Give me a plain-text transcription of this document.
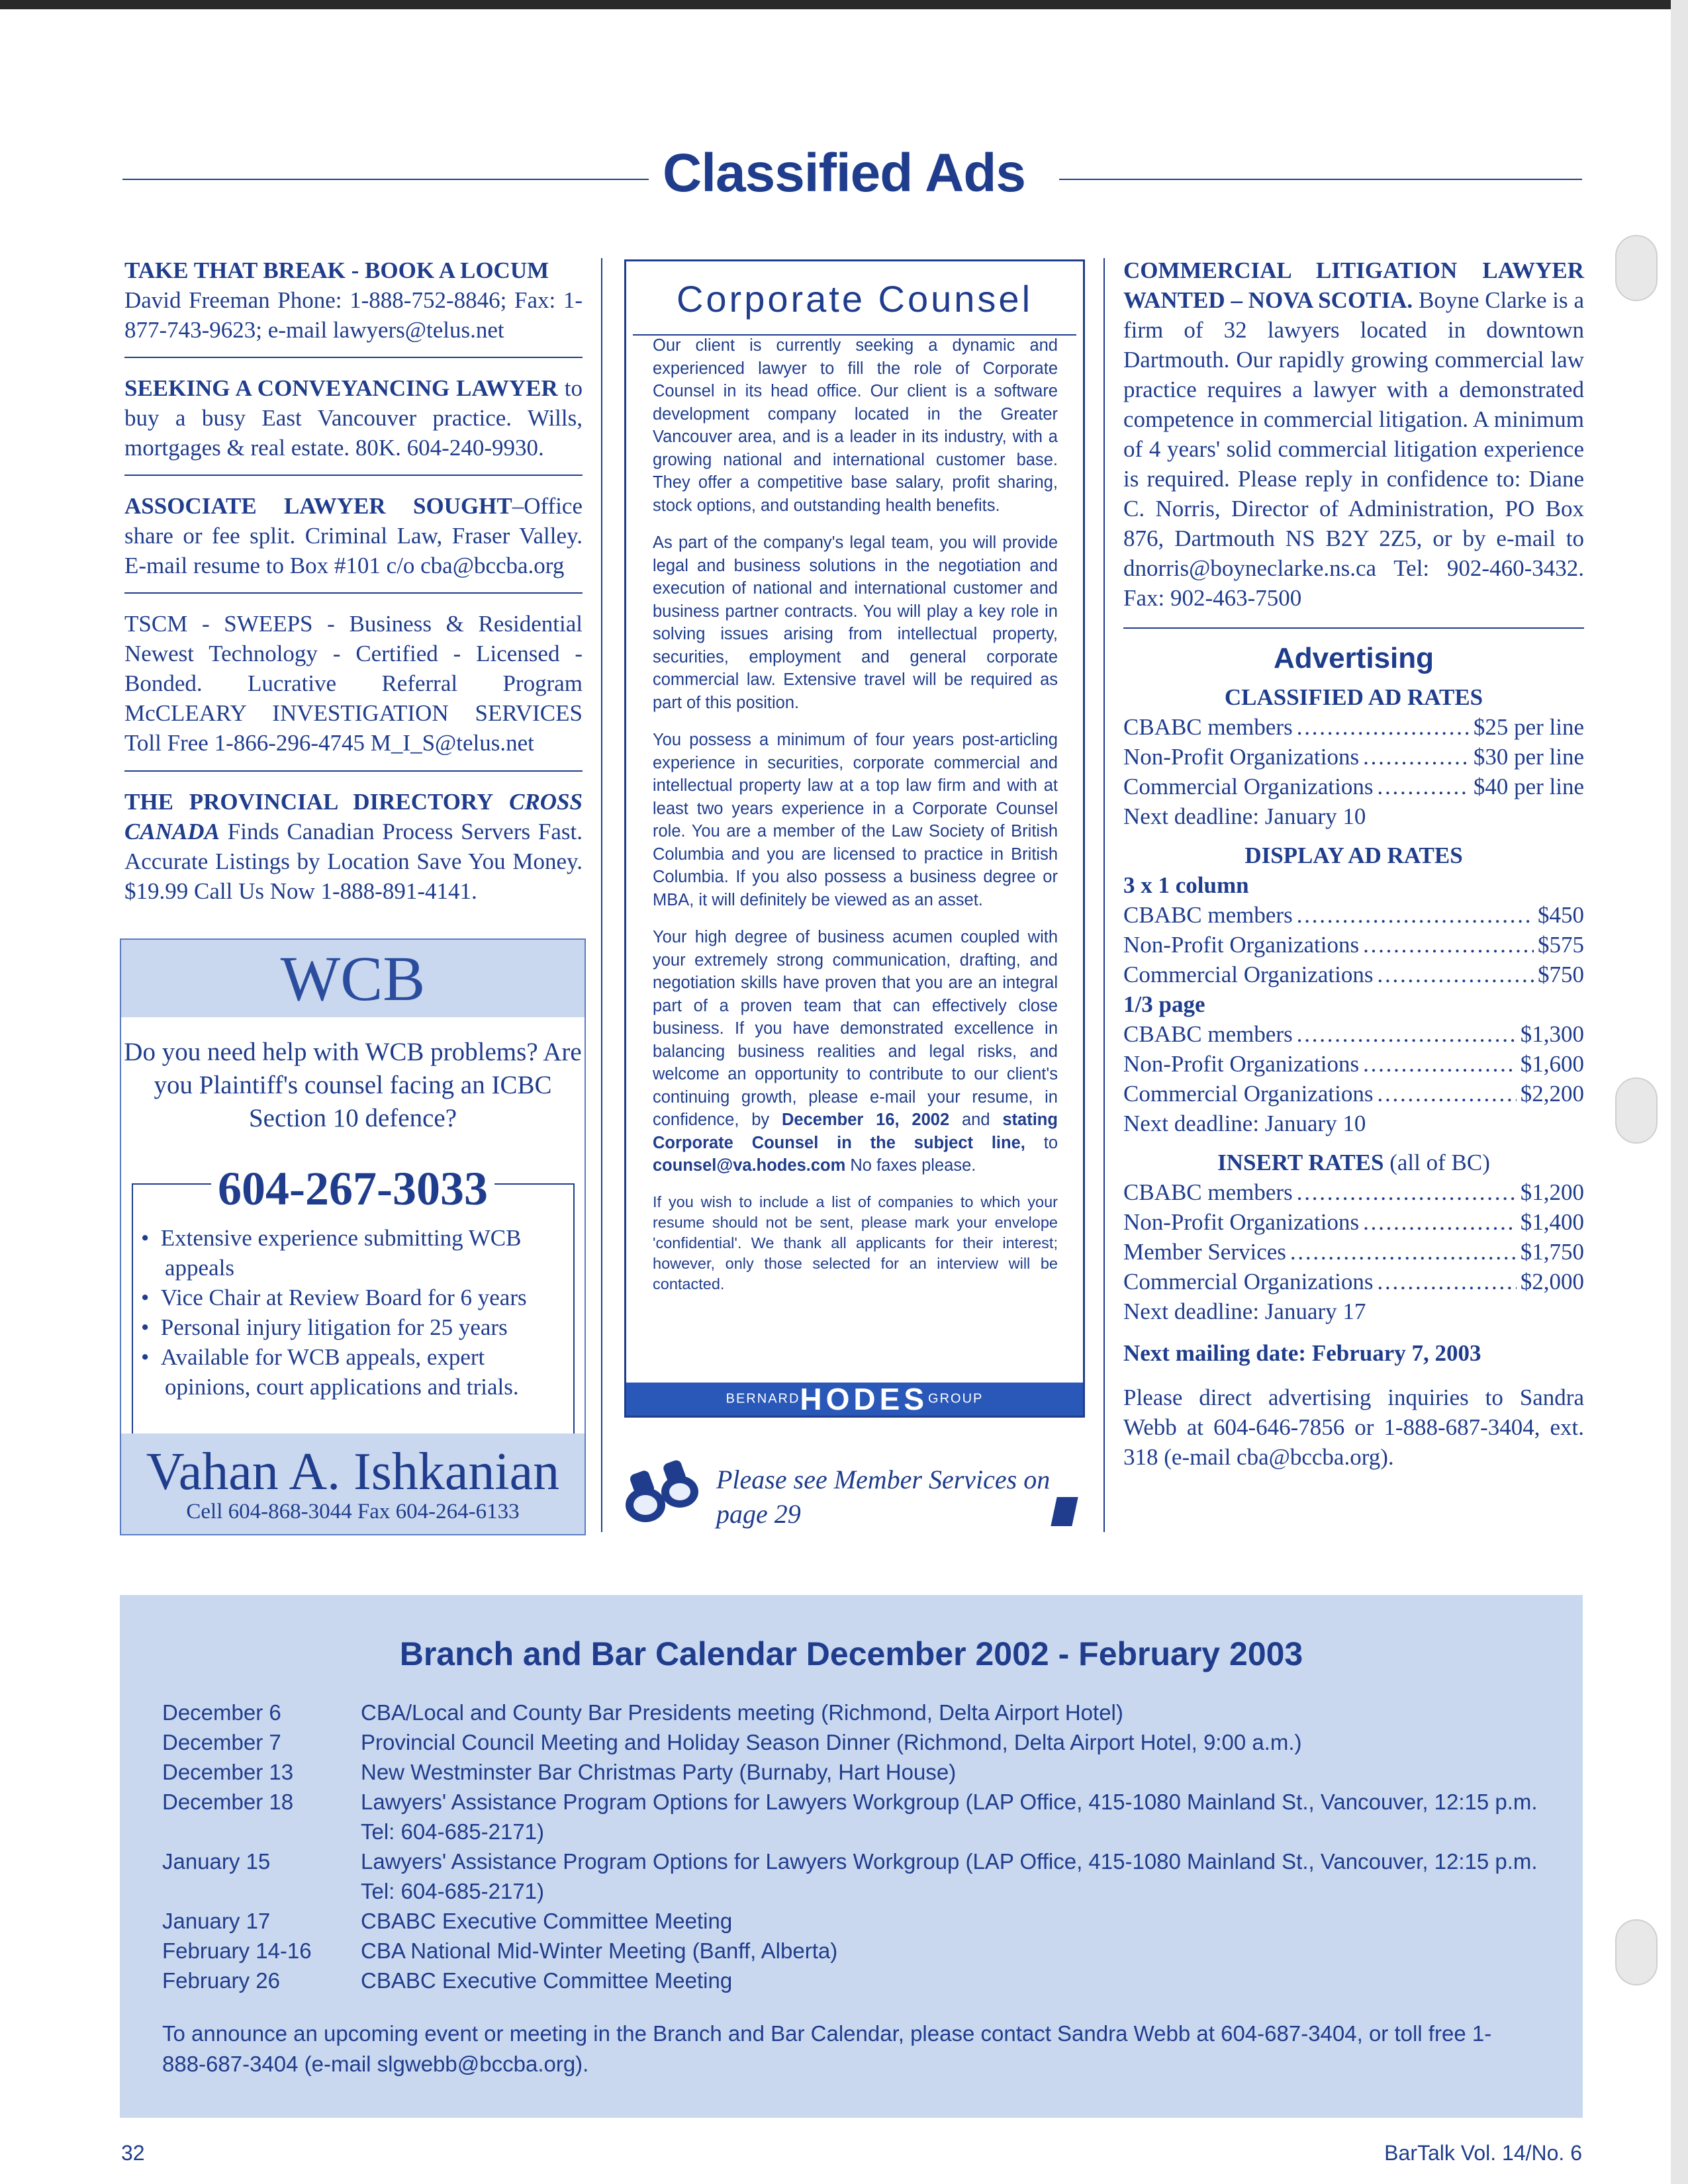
Classified Ads
TAKE THAT BREAK - BOOK A LOCUM
David Freeman Phone: 1-888-752-8846; Fax: 1-877-743-9623; e-mail lawyers@telus.net
SEEKING A CONVEYANCING LAWYER to buy a busy East Vancouver practice. Wills, mortgages & real estate. 80K. 604-240-9930.
ASSOCIATE LAWYER SOUGHT–Office share or fee split. Criminal Law, Fraser Valley. E-mail resume to Box #101 c/o cba@bccba.org
TSCM - SWEEPS - Business & Residential Newest Technology - Certified - Licensed - Bonded. Lucrative Referral Program McCLEARY INVESTIGATION SERVICES Toll Free 1-866-296-4745 M_I_S@telus.net
THE PROVINCIAL DIRECTORY CROSS CANADA Finds Canadian Process Servers Fast. Accurate Listings by Location Save You Money. $19.99 Call Us Now 1-888-891-4141.
WCB
Do you need help with WCB problems? Are you Plaintiff's counsel facing an ICBC Section 10 defence?
604-267-3033
•  Extensive experience submitting WCB appeals
•  Vice Chair at Review Board for 6 years
•  Personal injury litigation for 25 years
•  Available for WCB appeals, expert opinions, court applications and trials.
Vahan A. Ishkanian
Cell 604-868-3044 Fax 604-264-6133
Corporate Counsel

Our client is currently seeking a dynamic and experienced lawyer to fill the role of Corporate Counsel in its head office. Our client is a software development company located in the Greater Vancouver area, and is a leader in its industry, with a growing national and international customer base. They offer a competitive base salary, profit sharing, stock options, and outstanding health benefits.

As part of the company's legal team, you will provide legal and business solutions in the negotiation and execution of national and international customer and business partner contracts. You will play a key role in solving issues arising from intellectual property, securities, employment and general corporate commercial law. Extensive travel will be required as part of this position.

You possess a minimum of four years post-articling experience in securities, corporate commercial and intellectual property law at a top law firm and with at least two years experience in a Corporate Counsel role. You are a member of the Law Society of British Columbia and you are licensed to practice in British Columbia. If you also possess a business degree or MBA, it will definitely be viewed as an asset.

Your high degree of business acumen coupled with your extremely strong communication, drafting, and negotiation skills have proven that you are an integral part of a proven team that can effectively close business. If you have demonstrated excellence in balancing business realities and legal risks, and welcome an opportunity to contribute to our client's continuing growth, please e-mail your resume, in confidence, by December 16, 2002 and stating Corporate Counsel in the subject line, to counsel@va.hodes.com No faxes please.

If you wish to include a list of companies to which your resume should not be sent, please mark your envelope 'confidential'. We thank all applicants for their interest; however, only those selected for an interview will be contacted.

BERNARDHODESGROUP
Please see Member Services on page 29
COMMERCIAL LITIGATION LAWYER WANTED – NOVA SCOTIA. Boyne Clarke is a firm of 32 lawyers located in downtown Dartmouth. Our rapidly growing commercial law practice requires a lawyer with a demonstrated competence in commercial litigation. A minimum of 4 years' solid commercial litigation experience is required. Please reply in confidence to: Diane C. Norris, Director of Administration, PO Box 876, Dartmouth NS B2Y 2Z5, or by e-mail to dnorris@boyneclarke.ns.ca Tel: 902-460-3432. Fax: 902-463-7500
Advertising
CLASSIFIED AD RATES
CBABC members . . .	$25 per line
Non-Profit Organizations . . .	$30 per line
Commercial Organizations . . .	$40 per line
Next deadline: January 10
DISPLAY AD RATES
3 x 1 column
CBABC members . . .	$450
Non-Profit Organizations . . .	$575
Commercial Organizations . . .	$750
1/3 page
CBABC members . . .	$1,300
Non-Profit Organizations . . .	$1,600
Commercial Organizations . . .	$2,200
Next deadline: January 10
INSERT RATES (all of BC)
CBABC members . . .	$1,200
Non-Profit Organizations . . .	$1,400
Member Services . . .	$1,750
Commercial Organizations . . .	$2,000
Next deadline: January 17
Next mailing date: February 7, 2003
Please direct advertising inquiries to Sandra Webb at 604-646-7856 or 1-888-687-3404, ext. 318 (e-mail cba@bccba.org).
Branch and Bar Calendar December 2002 - February 2003
December 6	CBA/Local and County Bar Presidents meeting (Richmond, Delta Airport Hotel)
December 7	Provincial Council Meeting and Holiday Season Dinner (Richmond, Delta Airport Hotel, 9:00 a.m.)
December 13	New Westminster Bar Christmas Party (Burnaby, Hart House)
December 18	Lawyers' Assistance Program Options for Lawyers Workgroup (LAP Office, 415-1080 Mainland St., Vancouver, 12:15 p.m. Tel: 604-685-2171)
January 15	Lawyers' Assistance Program Options for Lawyers Workgroup (LAP Office, 415-1080 Mainland St., Vancouver, 12:15 p.m. Tel: 604-685-2171)
January 17	CBABC Executive Committee Meeting
February 14-16	CBA National Mid-Winter Meeting (Banff, Alberta)
February 26	CBABC Executive Committee Meeting
To announce an upcoming event or meeting in the Branch and Bar Calendar, please contact Sandra Webb at 604-687-3404, or toll free 1-888-687-3404 (e-mail slgwebb@bccba.org).
32	BarTalk Vol. 14/No. 6
